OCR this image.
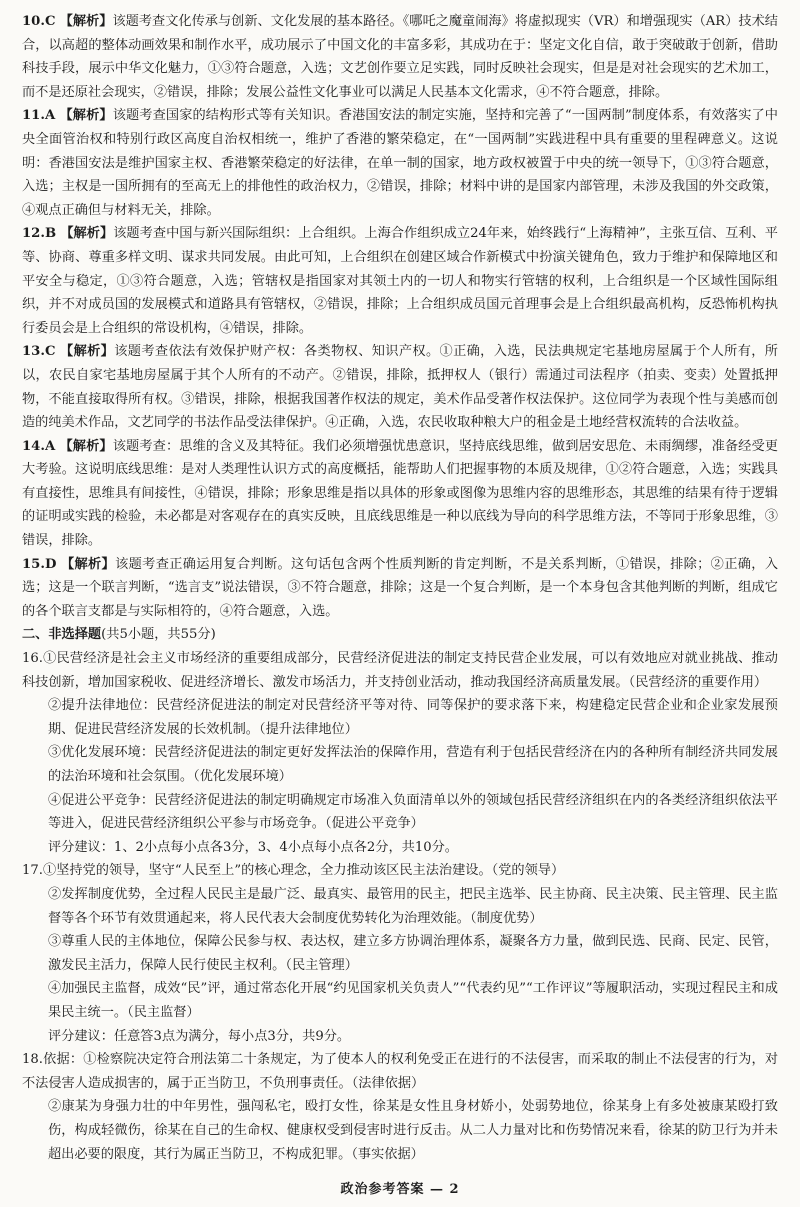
10.C 【解析】该题考查文化传承与创新、文化发展的基本路径。《哪吒之魔童闹海》将虚拟现实（VR）和增强现实（AR）技术结合，以高超的整体动画效果和制作水平，成功展示了中国文化的丰富多彩，其成功在于：坚定文化自信，敢于突破敢于创新，借助科技手段，展示中华文化魅力，①③符合题意，入选；文艺创作要立足实践，同时反映社会现实，但是是对社会现实的艺术加工，而不是还原社会现实，②错误，排除；发展公益性文化事业可以满足人民基本文化需求，④不符合题意，排除。

11.A 【解析】该题考查国家的结构形式等有关知识。香港国安法的制定实施，坚持和完善了“一国两制”制度体系，有效落实了中央全面管治权和特别行政区高度自治权相统一，维护了香港的繁荣稳定，在“一国两制”实践进程中具有重要的里程碑意义。这说明：香港国安法是维护国家主权、香港繁荣稳定的好法律，在单一制的国家，地方政权被置于中央的统一领导下，①③符合题意，入选；主权是一国所拥有的至高无上的排他性的政治权力，②错误，排除；材料中讲的是国家内部管理，未涉及我国的外交政策，④观点正确但与材料无关，排除。

12.B 【解析】该题考查中国与新兴国际组织：上合组织。上海合作组织成立24年来，始终践行“上海精神”，主张互信、互利、平等、协商、尊重多样文明、谋求共同发展。由此可知，上合组织在创建区域合作新模式中扮演关键角色，致力于维护和保障地区和平安全与稳定，①③符合题意，入选；管辖权是指国家对其领土内的一切人和物实行管辖的权利，上合组织是一个区域性国际组织，并不对成员国的发展模式和道路具有管辖权，②错误，排除；上合组织成员国元首理事会是上合组织最高机构，反恐怖机构执行委员会是上合组织的常设机构，④错误，排除。

13.C 【解析】该题考查依法有效保护财产权：各类物权、知识产权。①正确，入选，民法典规定宅基地房屋属于个人所有，所以，农民自家宅基地房屋属于其个人所有的不动产。②错误，排除，抵押权人（银行）需通过司法程序（拍卖、变卖）处置抵押物，不能直接取得所有权。③错误，排除，根据我国著作权法的规定，美术作品受著作权法保护。这位同学为表现个性与美感而创造的纯美术作品，文艺同学的书法作品受法律保护。④正确，入选，农民收取种粮大户的租金是土地经营权流转的合法收益。

14.A 【解析】该题考查：思维的含义及其特征。我们必须增强忧患意识，坚持底线思维，做到居安思危、未雨绸缪，准备经受更大考验。这说明底线思维：是对人类理性认识方式的高度概括，能帮助人们把握事物的本质及规律，①②符合题意，入选；实践具有直接性，思维具有间接性，④错误，排除；形象思维是指以具体的形象或图像为思维内容的思维形态，其思维的结果有待于逻辑的证明或实践的检验，未必都是对客观存在的真实反映，且底线思维是一种以底线为导向的科学思维方法，不等同于形象思维，③错误，排除。

15.D 【解析】该题考查正确运用复合判断。这句话包含两个性质判断的肯定判断，不是关系判断，①错误，排除；②正确，入选；这是一个联言判断，“选言支”说法错误，③不符合题意，排除；这是一个复合判断，是一个本身包含其他判断的判断，组成它的各个联言支都是与实际相符的，④符合题意，入选。

二、非选择题(共5小题，共55分)

16.①民营经济是社会主义市场经济的重要组成部分，民营经济促进法的制定支持民营企业发展，可以有效地应对就业挑战、推动科技创新，增加国家税收、促进经济增长、激发市场活力，并支持创业活动，推动我国经济高质量发展。（民营经济的重要作用）

②提升法律地位：民营经济促进法的制定对民营经济平等对待、同等保护的要求落下来，构建稳定民营企业和企业家发展预期、促进民营经济发展的长效机制。（提升法律地位）

③优化发展环境：民营经济促进法的制定更好发挥法治的保障作用，营造有利于包括民营经济在内的各种所有制经济共同发展的法治环境和社会氛围。（优化发展环境）

④促进公平竞争：民营经济促进法的制定明确规定市场准入负面清单以外的领域包括民营经济组织在内的各类经济组织依法平等进入，促进民营经济组织公平参与市场竞争。（促进公平竞争）

评分建议：1、2小点每小点各3分，3、4小点每小点各2分，共10分。

17.①坚持党的领导，坚守“人民至上”的核心理念，全力推动该区民主法治建设。（党的领导）

②发挥制度优势，全过程人民民主是最广泛、最真实、最管用的民主，把民主选举、民主协商、民主决策、民主管理、民主监督等各个环节有效贯通起来，将人民代表大会制度优势转化为治理效能。（制度优势）

③尊重人民的主体地位，保障公民参与权、表达权，建立多方协调治理体系，凝聚各方力量，做到民选、民商、民定、民管，激发民主活力，保障人民行使民主权利。（民主管理）

④加强民主监督，成效“民”评，通过常态化开展“约见国家机关负责人”“代表约见”“工作评议”等履职活动，实现过程民主和成果民主统一。（民主监督）

评分建议：任意答3点为满分，每小点3分，共9分。

18.依据：①检察院决定符合刑法第二十条规定，为了使本人的权利免受正在进行的不法侵害，而采取的制止不法侵害的行为，对不法侵害人造成损害的，属于正当防卫，不负刑事责任。（法律依据）

②康某为身强力壮的中年男性，强闯私宅，殴打女性，徐某是女性且身材娇小，处弱势地位，徐某身上有多处被康某殴打致伤，构成轻微伤，徐某在自己的生命权、健康权受到侵害时进行反击。从二人力量对比和伤势情况来看，徐某的防卫行为并未超出必要的限度，其行为属正当防卫，不构成犯罪。（事实依据）

政治参考答案 — 2
